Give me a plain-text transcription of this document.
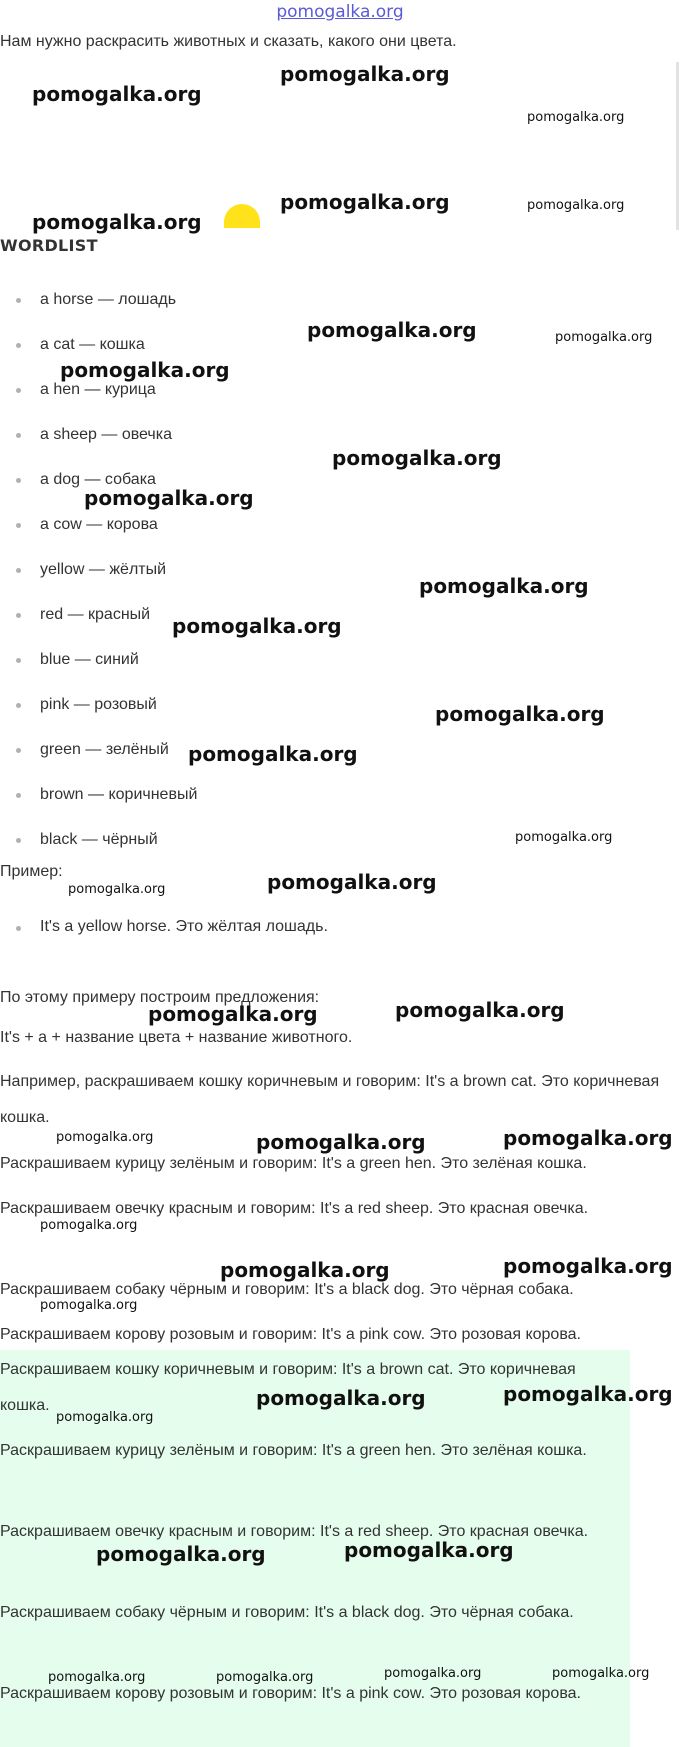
pomogalka.org
Нам нужно раскрасить животных и сказать, какого они цвета.
WORDLIST
a horse — лошадь
a cat — кошка
a hen — курица
a sheep — овечка
a dog — собака
a cow — корова
yellow — жёлтый
red — красный
blue — синий
pink — розовый
green — зелёный
brown — коричневый
black — чёрный
Пример:
It's a yellow horse. Это жёлтая лошадь.

По этому примеру построим предложения:

It's + a + название цвета + название животного.

Например, раскрашиваем кошку коричневым и говорим: It's a brown cat. Это коричневая кошка.

Раскрашиваем курицу зелёным и говорим: It's a green hen. Это зелёная кошка.

Раскрашиваем овечку красным и говорим: It's a red sheep. Это красная овечка.

Раскрашиваем собаку чёрным и говорим: It's a black dog. Это чёрная собака.

Раскрашиваем корову розовым и говорим: It's a pink cow. Это розовая корова.

Раскрашиваем кошку коричневым и говорим: It's a brown cat. Это коричневая кошка.

Раскрашиваем курицу зелёным и говорим: It's a green hen. Это зелёная кошка.

Раскрашиваем овечку красным и говорим: It's a red sheep. Это красная овечка.

Раскрашиваем собаку чёрным и говорим: It's a black dog. Это чёрная собака.

Раскрашиваем корову розовым и говорим: It's a pink cow. Это розовая корова.

pomogalka.org
pomogalka.org
pomogalka.org
pomogalka.org
pomogalka.org	pomogalka.org
pomogalka.org	pomogalka.org
pomogalka.org
pomogalka.org
pomogalka.org
pomogalka.org
pomogalka.org
pomogalka.org
pomogalka.org
pomogalka.org
pomogalka.org
pomogalka.org
pomogalka.org	pomogalka.org
pomogalka.org	pomogalka.org	pomogalka.org
pomogalka.org
pomogalka.org	pomogalka.org
pomogalka.org
pomogalka.org	pomogalka.org
pomogalka.org
pomogalka.org	pomogalka.org
pomogalka.org	pomogalka.org	pomogalka.org	pomogalka.org
